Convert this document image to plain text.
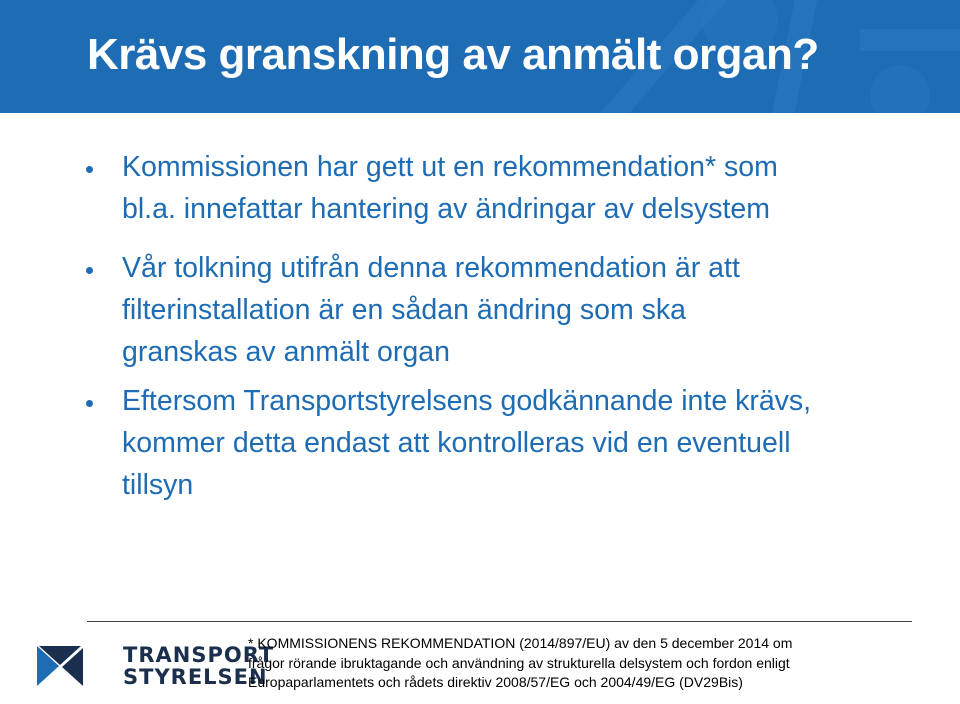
Krävs granskning av anmält organ?
Kommissionen har gett ut en rekommendation* som
bl.a. innefattar hantering av ändringar av delsystem
Vår tolkning utifrån denna rekommendation är att
filterinstallation är en sådan ändring som ska
granskas av anmält organ
Eftersom Transportstyrelsens godkännande inte krävs,
kommer detta endast att kontrolleras vid en eventuell
tillsyn
TRANSPORT
STYRELSEN
* KOMMISSIONENS REKOMMENDATION (2014/897/EU) av den 5 december 2014 om
frågor rörande ibruktagande och användning av strukturella delsystem och fordon enligt
Europaparlamentets och rådets direktiv 2008/57/EG och 2004/49/EG (DV29Bis)
